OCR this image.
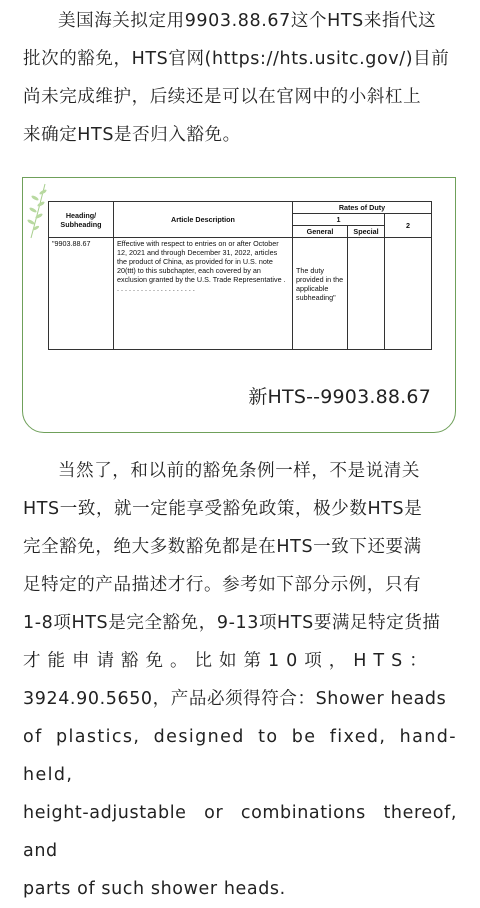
美国海关拟定用9903.88.67这个HTS来指代这

批次的豁免，HTS官网(https://hts.usitc.gov/)目前

尚未完成维护，后续还是可以在官网中的小斜杠上

来确定HTS是否归入豁免。

Heading/ Subheading	Article Description	Rates of Duty		
		1		2
		General	Special	
"9903.88.67	Effective with respect to entries on or after October 12, 2021 and through December 31, 2022, articles the product of China, as provided for in U.S. note 20(ttt) to this subchapter, each covered by an exclusion granted by the U.S. Trade Representative . . . . . . . . . . . . . . . . . . . . .	The duty provided in the applicable subheading"		
新HTS--9903.88.67

当然了，和以前的豁免条例一样，不是说清关

HTS一致，就一定能享受豁免政策，极少数HTS是

完全豁免，绝大多数豁免都是在HTS一致下还要满

足特定的产品描述才行。参考如下部分示例，只有

1-8项HTS是完全豁免，9-13项HTS要满足特定货描

才能申请豁免。比如第10项，HTS：

3924.90.5650，产品必须得符合：Shower heads

of plastics, designed to be fixed, hand-held,

height-adjustable or combinations thereof, and

parts of such shower heads.
